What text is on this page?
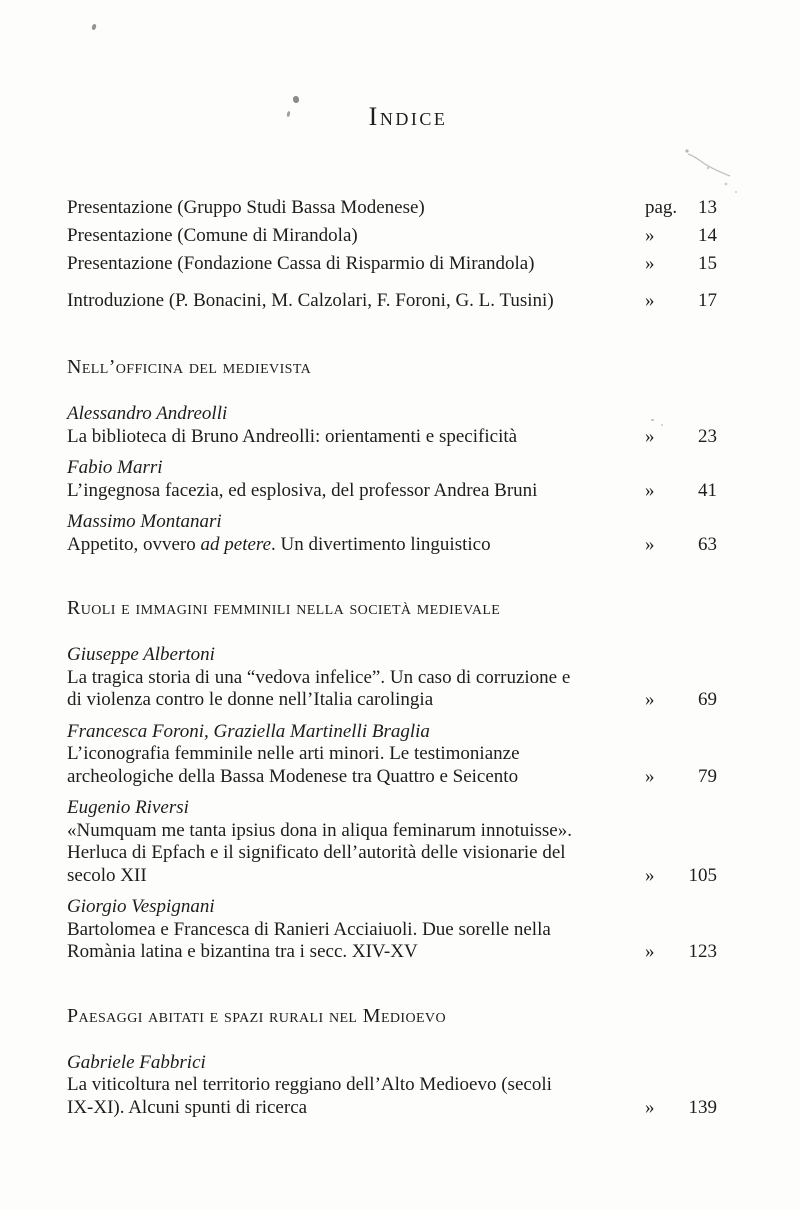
Indice
Presentazione (Gruppo Studi Bassa Modenese)	pag. 13
Presentazione (Comune di Mirandola)	» 14
Presentazione (Fondazione Cassa di Risparmio di Mirandola)	» 15
Introduzione (P. Bonacini, M. Calzolari, F. Foroni, G. L. Tusini)	» 17
Nell’officina del medievista
Alessandro Andreolli
La biblioteca di Bruno Andreolli: orientamenti e specificità	» 23
Fabio Marri
L’ingegnosa facezia, ed esplosiva, del professor Andrea Bruni	» 41
Massimo Montanari
Appetito, ovvero ad petere. Un divertimento linguistico	» 63
Ruoli e immagini femminili nella società medievale
Giuseppe Albertoni
La tragica storia di una “vedova infelice”. Un caso di corruzione e
di violenza contro le donne nell’Italia carolingia	» 69
Francesca Foroni, Graziella Martinelli Braglia
L’iconografia femminile nelle arti minori. Le testimonianze
archeologiche della Bassa Modenese tra Quattro e Seicento	» 79
Eugenio Riversi
«Numquam me tanta ipsius dona in aliqua feminarum innotuisse».
Herluca di Epfach e il significato dell’autorità delle visionarie del
secolo XII	» 105
Giorgio Vespignani
Bartolomea e Francesca di Ranieri Acciaiuoli. Due sorelle nella
Romània latina e bizantina tra i secc. XIV-XV	» 123
Paesaggi abitati e spazi rurali nel Medioevo
Gabriele Fabbrici
La viticoltura nel territorio reggiano dell’Alto Medioevo (secoli
IX-XI). Alcuni spunti di ricerca	» 139
